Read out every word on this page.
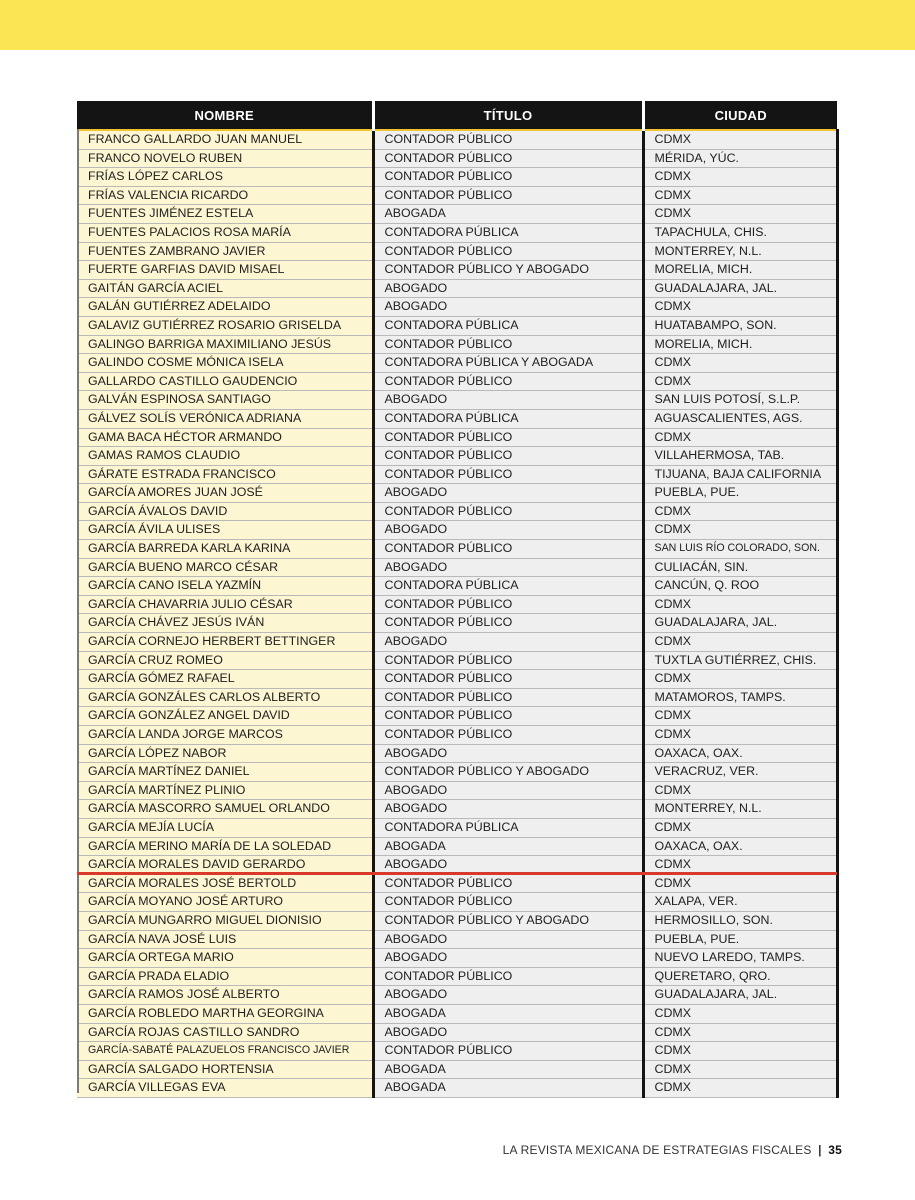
NOMBRE	TÍTULO	CIUDAD
FRANCO GALLARDO JUAN MANUEL	CONTADOR PÚBLICO	CDMX
FRANCO NOVELO RUBEN	CONTADOR PÚBLICO	MÉRIDA, YÚC.
FRÍAS LÓPEZ CARLOS	CONTADOR PÚBLICO	CDMX
FRÍAS VALENCIA RICARDO	CONTADOR PÚBLICO	CDMX
FUENTES JIMÉNEZ ESTELA	ABOGADA	CDMX
FUENTES PALACIOS ROSA MARÍA	CONTADORA PÚBLICA	TAPACHULA, CHIS.
FUENTES ZAMBRANO JAVIER	CONTADOR PÚBLICO	MONTERREY, N.L.
FUERTE GARFIAS DAVID MISAEL	CONTADOR PÚBLICO Y ABOGADO	MORELIA, MICH.
GAITÁN GARCÍA ACIEL	ABOGADO	GUADALAJARA, JAL.
GALÁN GUTIÉRREZ ADELAIDO	ABOGADO	CDMX
GALAVIZ GUTIÉRREZ ROSARIO GRISELDA	CONTADORA PÚBLICA	HUATABAMPO, SON.
GALINGO BARRIGA MAXIMILIANO JESÚS	CONTADOR PÚBLICO	MORELIA, MICH.
GALINDO COSME MÓNICA ISELA	CONTADORA PÚBLICA Y ABOGADA	CDMX
GALLARDO CASTILLO GAUDENCIO	CONTADOR PÚBLICO	CDMX
GALVÁN ESPINOSA SANTIAGO	ABOGADO	SAN LUIS POTOSÍ, S.L.P.
GÁLVEZ SOLÍS VERÓNICA ADRIANA	CONTADORA PÚBLICA	AGUASCALIENTES, AGS.
GAMA BACA HÉCTOR ARMANDO	CONTADOR PÚBLICO	CDMX
GAMAS RAMOS CLAUDIO	CONTADOR PÚBLICO	VILLAHERMOSA, TAB.
GÁRATE ESTRADA FRANCISCO	CONTADOR PÚBLICO	TIJUANA, BAJA CALIFORNIA
GARCÍA AMORES JUAN JOSÉ	ABOGADO	PUEBLA, PUE.
GARCÍA ÁVALOS DAVID	CONTADOR PÚBLICO	CDMX
GARCÍA ÁVILA ULISES	ABOGADO	CDMX
GARCÍA BARREDA KARLA KARINA	CONTADOR PÚBLICO	SAN LUIS RÍO COLORADO, SON.
GARCÍA BUENO MARCO CÉSAR	ABOGADO	CULIACÁN, SIN.
GARCÍA CANO ISELA YAZMÍN	CONTADORA PÚBLICA	CANCÚN, Q. ROO
GARCÍA CHAVARRIA JULIO CÉSAR	CONTADOR PÚBLICO	CDMX
GARCÍA CHÁVEZ JESÚS IVÁN	CONTADOR PÚBLICO	GUADALAJARA, JAL.
GARCÍA CORNEJO HERBERT BETTINGER	ABOGADO	CDMX
GARCÍA CRUZ ROMEO	CONTADOR PÚBLICO	TUXTLA GUTIÉRREZ, CHIS.
GARCÍA GÓMEZ RAFAEL	CONTADOR PÚBLICO	CDMX
GARCÍA GONZÁLES CARLOS ALBERTO	CONTADOR PÚBLICO	MATAMOROS, TAMPS.
GARCÍA GONZÁLEZ ANGEL DAVID	CONTADOR PÚBLICO	CDMX
GARCÍA LANDA JORGE MARCOS	CONTADOR PÚBLICO	CDMX
GARCÍA LÓPEZ NABOR	ABOGADO	OAXACA, OAX.
GARCÍA MARTÍNEZ DANIEL	CONTADOR PÚBLICO Y ABOGADO	VERACRUZ, VER.
GARCÍA MARTÍNEZ PLINIO	ABOGADO	CDMX
GARCÍA MASCORRO SAMUEL ORLANDO	ABOGADO	MONTERREY, N.L.
GARCÍA MEJÍA LUCÍA	CONTADORA PÚBLICA	CDMX
GARCÍA MERINO MARÍA DE LA SOLEDAD	ABOGADA	OAXACA, OAX.
GARCÍA MORALES DAVID GERARDO	ABOGADO	CDMX
GARCÍA MORALES JOSÉ BERTOLD	CONTADOR PÚBLICO	CDMX
GARCÍA MOYANO JOSÉ ARTURO	CONTADOR PÚBLICO	XALAPA, VER.
GARCÍA MUNGARRO MIGUEL DIONISIO	CONTADOR PÚBLICO Y ABOGADO	HERMOSILLO, SON.
GARCÍA NAVA JOSÉ LUIS	ABOGADO	PUEBLA, PUE.
GARCÍA ORTEGA MARIO	ABOGADO	NUEVO LAREDO, TAMPS.
GARCÍA PRADA ELADIO	CONTADOR PÚBLICO	QUERETARO, QRO.
GARCÍA RAMOS JOSÉ ALBERTO	ABOGADO	GUADALAJARA, JAL.
GARCÍA ROBLEDO MARTHA GEORGINA	ABOGADA	CDMX
GARCÍA ROJAS CASTILLO SANDRO	ABOGADO	CDMX
GARCÍA-SABATÉ PALAZUELOS FRANCISCO JAVIER	CONTADOR PÚBLICO	CDMX
GARCÍA SALGADO HORTENSIA	ABOGADA	CDMX
GARCÍA VILLEGAS EVA	ABOGADA	CDMX
LA REVISTA MEXICANA DE ESTRATEGIAS FISCALES | 35
